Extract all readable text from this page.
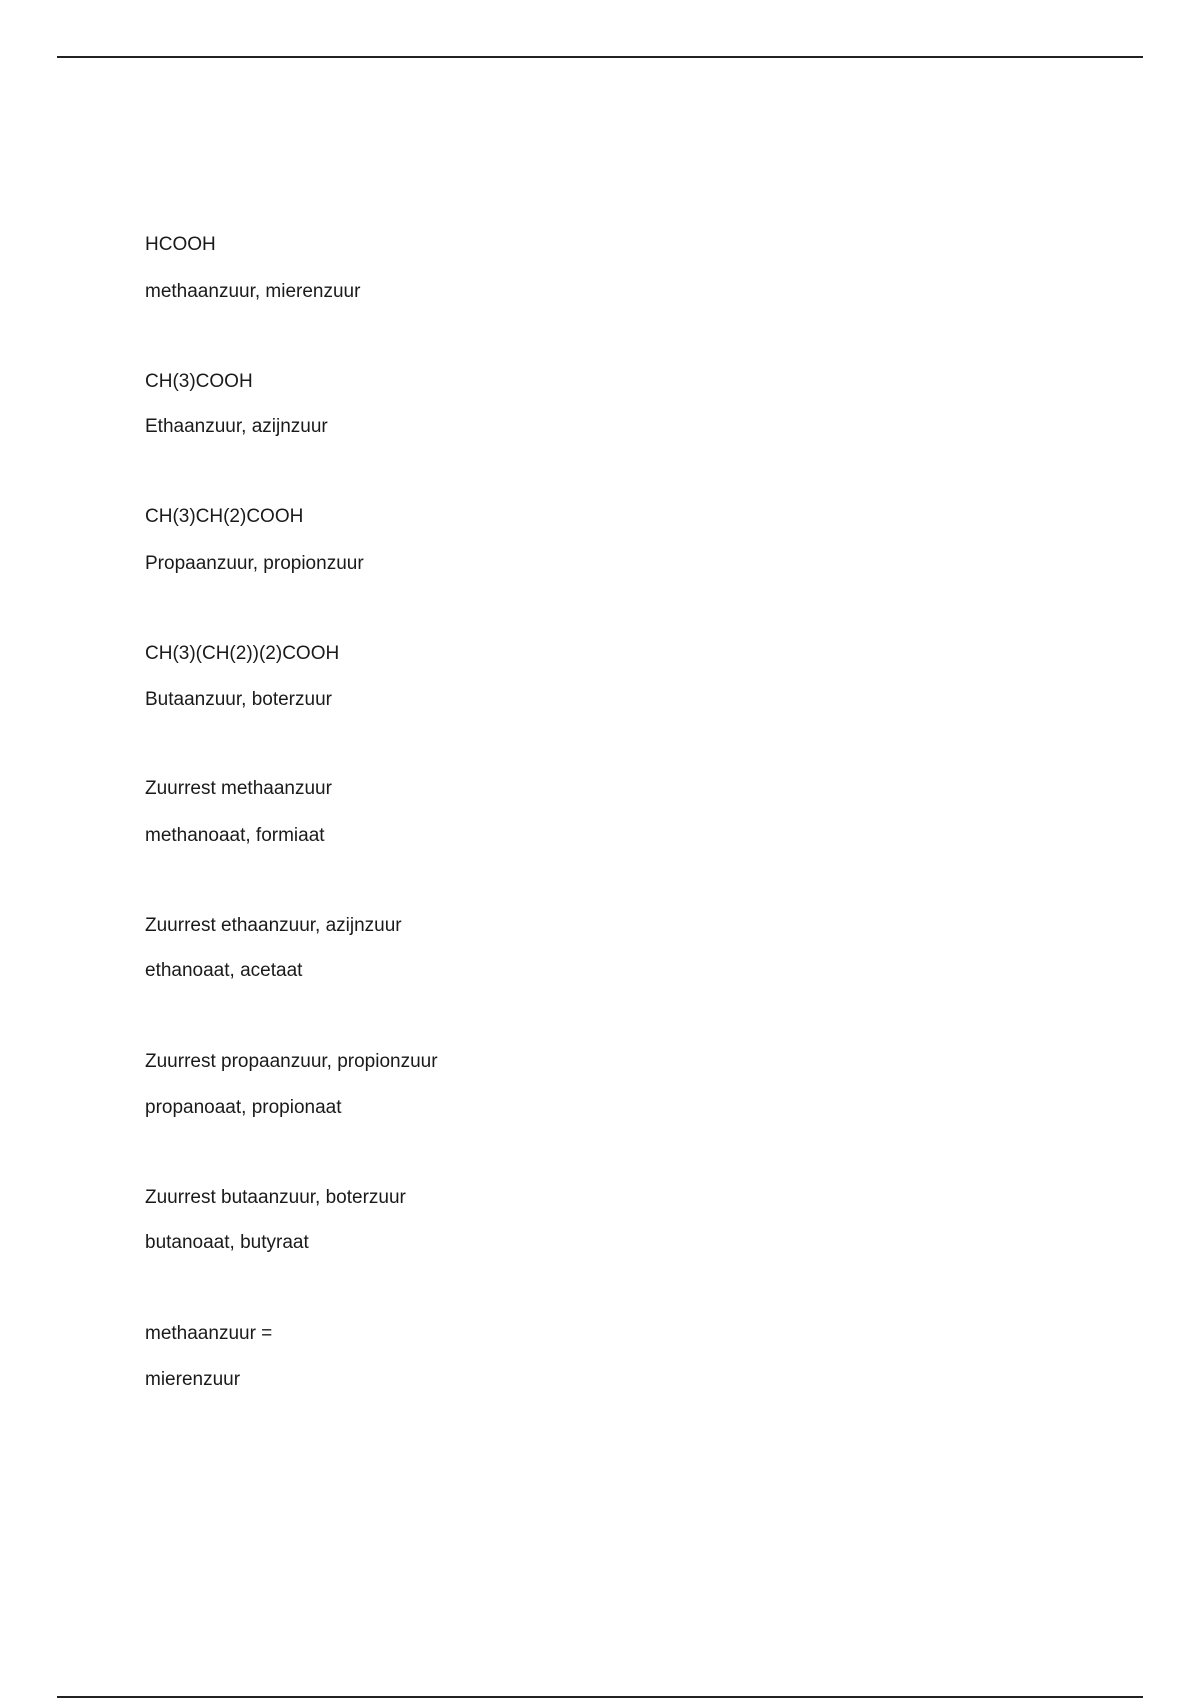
HCOOH
methaanzuur, mierenzuur
CH(3)COOH
Ethaanzuur, azijnzuur
CH(3)CH(2)COOH
Propaanzuur, propionzuur
CH(3)(CH(2))(2)COOH
Butaanzuur, boterzuur
Zuurrest methaanzuur
methanoaat, formiaat
Zuurrest ethaanzuur, azijnzuur
ethanoaat, acetaat
Zuurrest propaanzuur, propionzuur
propanoaat, propionaat
Zuurrest butaanzuur, boterzuur
butanoaat, butyraat
methaanzuur =
mierenzuur
